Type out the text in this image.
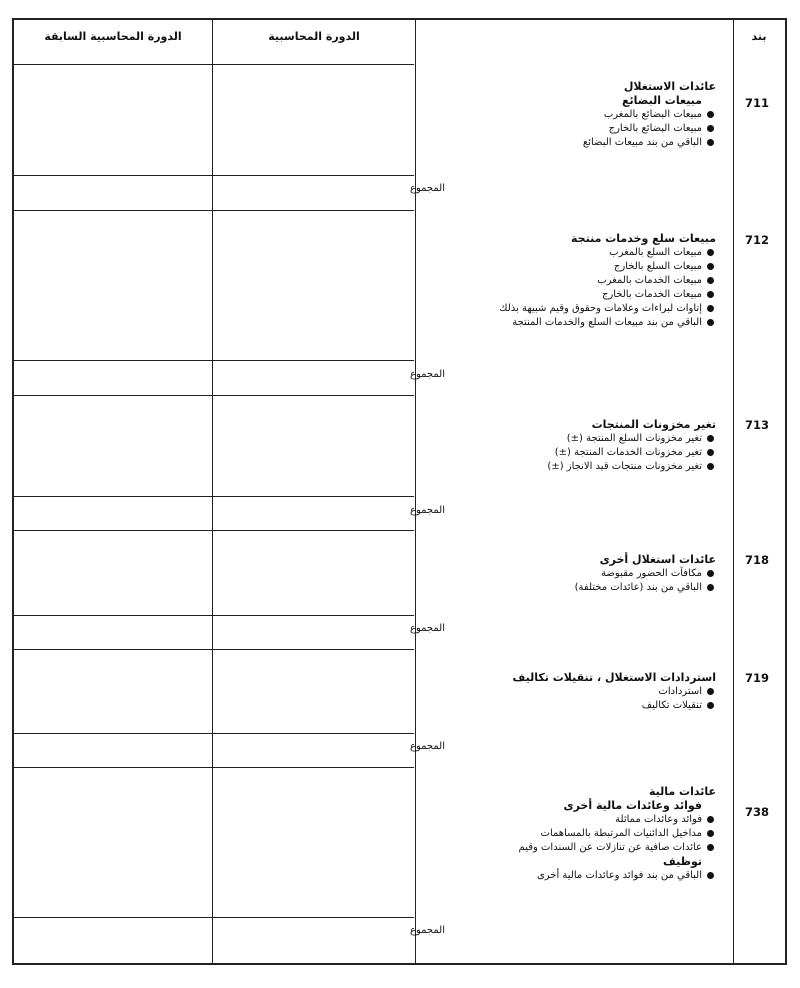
الدورة المحاسبية السابقة	الدورة المحاسبية	بند
711
عائدات الاستغلال
مبيعات البضائع
مبيعات البضائع بالمغرب
مبيعات البضائع بالخارج
الباقي من بند مبيعات البضائع
المجموع
712
مبيعات سلع وخدمات منتجة
مبيعات السلع بالمغرب
مبيعات السلع بالخارج
مبيعات الخدمات بالمغرب
مبيعات الخدمات بالخارج
إتاوات لبراءات وعلامات وحقوق وقيم شبيهة بذلك
الباقي من بند مبيعات السلع والخدمات المنتجة
المجموع
713
تغير مخزونات المنتجات
تغير مخزونات السلع المنتجة (±)
تغير مخزونات الخدمات المنتجة (±)
تغير مخزونات منتجات قيد الانجاز (±)
المجموع
718
عائدات استغلال أخرى
مكافآت الحضور مقبوضة
الباقي من بند (عائدات مختلفة)
المجموع
719
استردادات الاستغلال ، تنقيلات تكاليف
استردادات
تنقيلات تكاليف
المجموع
738
عائدات مالية
فوائد وعائدات مالية أخرى
فوائد وعائدات مماثلة
مداخيل الدائنيات المرتبطة بالمساهمات
عائدات صافية عن تنازلات عن السندات وقيم
توظيف
الباقي من بند فوائد وعائدات مالية أخرى
المجموع
